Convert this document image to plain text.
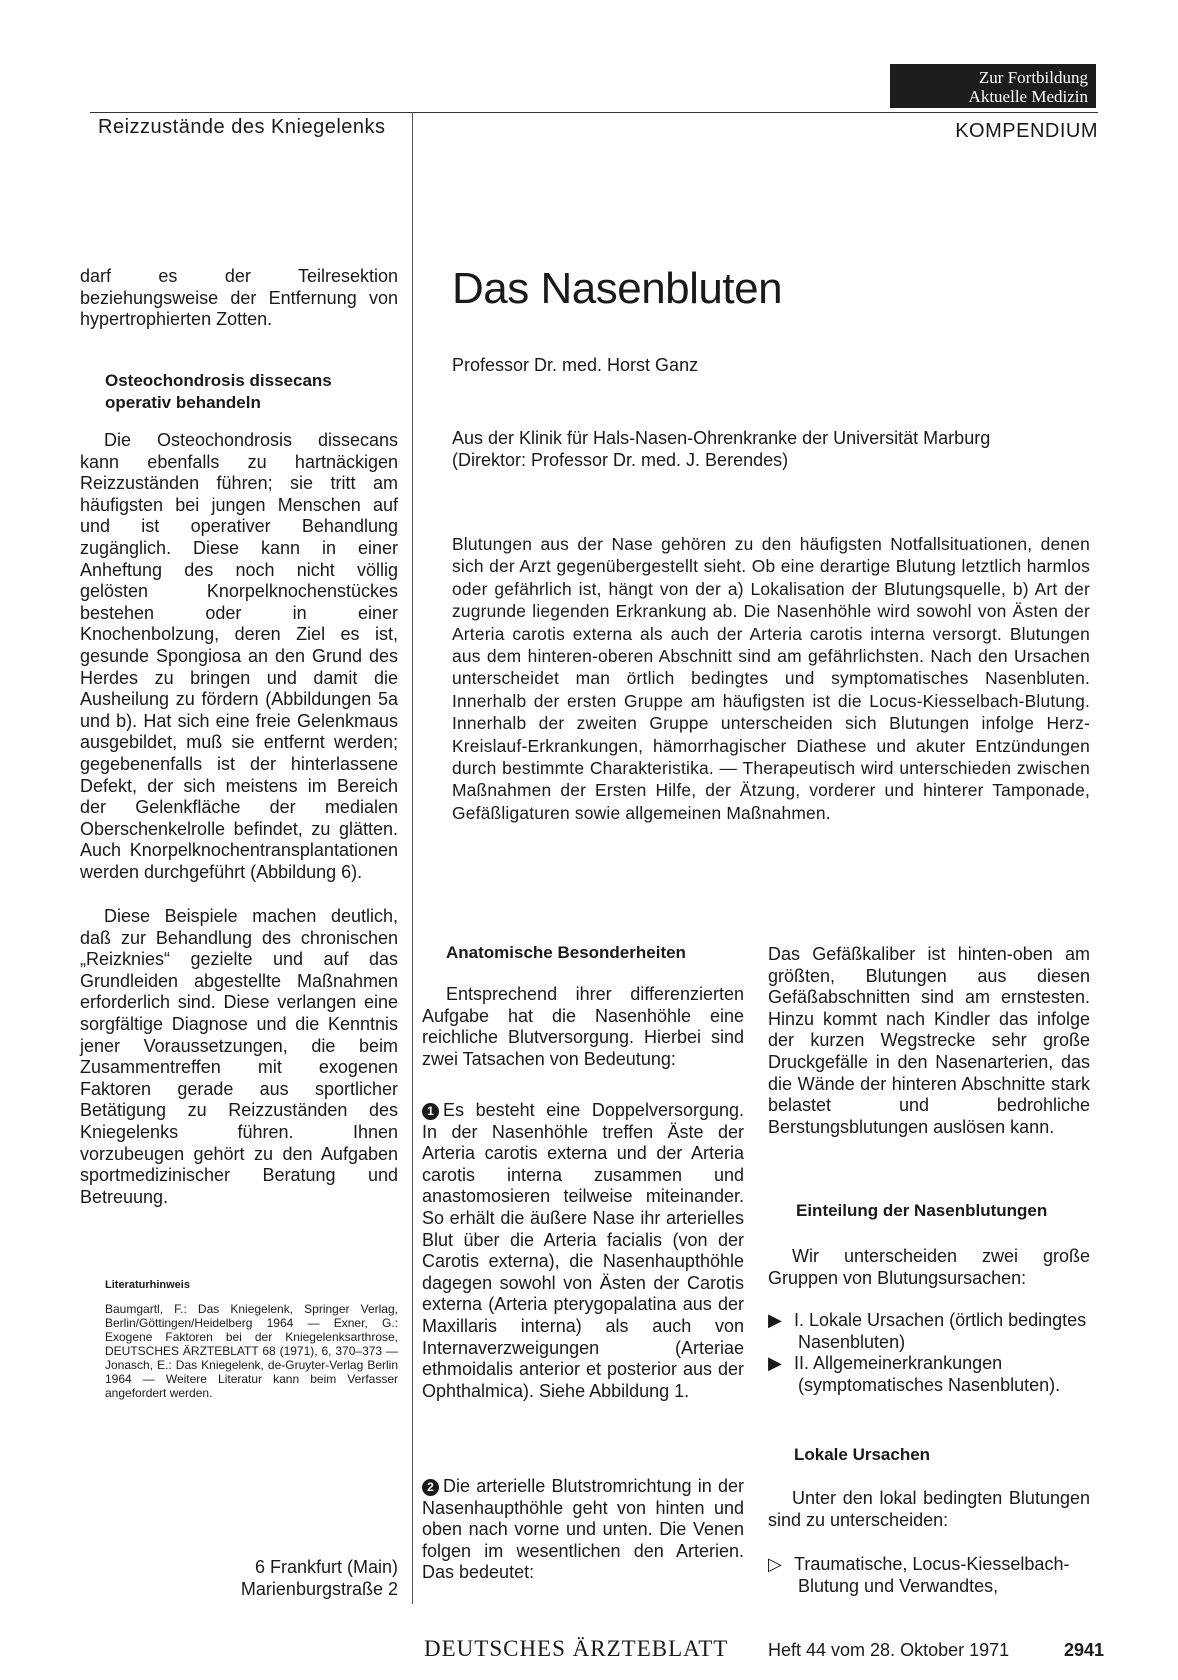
Zur Fortbildung
Aktuelle Medizin
Reizzustände des Kniegelenks	KOMPENDIUM

darf es der Teilresektion beziehungsweise der Entfernung von hypertrophierten Zotten.

Osteochondrosis dissecans operativ behandeln

Die Osteochondrosis dissecans kann ebenfalls zu hartnäckigen Reizzuständen führen; sie tritt am häufigsten bei jungen Menschen auf und ist operativer Behandlung zugänglich. Diese kann in einer Anheftung des noch nicht völlig gelösten Knorpelknochenstückes bestehen oder in einer Knochenbolzung, deren Ziel es ist, gesunde Spongiosa an den Grund des Herdes zu bringen und damit die Ausheilung zu fördern (Abbildungen 5a und b). Hat sich eine freie Gelenkmaus ausgebildet, muß sie entfernt werden; gegebenenfalls ist der hinterlassene Defekt, der sich meistens im Bereich der Gelenkfläche der medialen Oberschenkelrolle befindet, zu glätten. Auch Knorpelknochentransplantationen werden durchgeführt (Abbildung 6).

Diese Beispiele machen deutlich, daß zur Behandlung des chronischen „Reizknies“ gezielte und auf das Grundleiden abgestellte Maßnahmen erforderlich sind. Diese verlangen eine sorgfältige Diagnose und die Kenntnis jener Voraussetzungen, die beim Zusammentreffen mit exogenen Faktoren gerade aus sportlicher Betätigung zu Reizzuständen des Kniegelenks führen. Ihnen vorzubeugen gehört zu den Aufgaben sportmedizinischer Beratung und Betreuung.

Literaturhinweis
Baumgartl, F.: Das Kniegelenk, Springer Verlag, Berlin/Göttingen/Heidelberg 1964 — Exner, G.: Exogene Faktoren bei der Kniegelenksarthrose, DEUTSCHES ÄRZTEBLATT 68 (1971), 6, 370–373 — Jonasch, E.: Das Kniegelenk, de-Gruyter-Verlag Berlin 1964 — Weitere Literatur kann beim Verfasser angefordert werden.
6 Frankfurt (Main)
Marienburgstraße 2
Das Nasenbluten
Professor Dr. med. Horst Ganz
Aus der Klinik für Hals-Nasen-Ohrenkranke der Universität Marburg
(Direktor: Professor Dr. med. J. Berendes)
Blutungen aus der Nase gehören zu den häufigsten Notfallsituationen, denen sich der Arzt gegenübergestellt sieht. Ob eine derartige Blutung letztlich harmlos oder gefährlich ist, hängt von der a) Lokalisation der Blutungsquelle, b) Art der zugrunde liegenden Erkrankung ab. Die Nasenhöhle wird sowohl von Ästen der Arteria carotis externa als auch der Arteria carotis interna versorgt. Blutungen aus dem hinteren-oberen Abschnitt sind am gefährlichsten. Nach den Ursachen unterscheidet man örtlich bedingtes und symptomatisches Nasenbluten. Innerhalb der ersten Gruppe am häufigsten ist die Locus-Kiesselbach-Blutung. Innerhalb der zweiten Gruppe unterscheiden sich Blutungen infolge Herz-Kreislauf-Erkrankungen, hämorrhagischer Diathese und akuter Entzündungen durch bestimmte Charakteristika. — Therapeutisch wird unterschieden zwischen Maßnahmen der Ersten Hilfe, der Ätzung, vorderer und hinterer Tamponade, Gefäßligaturen sowie allgemeinen Maßnahmen.
Anatomische Besonderheiten

Entsprechend ihrer differenzierten Aufgabe hat die Nasenhöhle eine reichliche Blutversorgung. Hierbei sind zwei Tatsachen von Bedeutung:

1 Es besteht eine Doppelversorgung. In der Nasenhöhle treffen Äste der Arteria carotis externa und der Arteria carotis interna zusammen und anastomosieren teilweise miteinander. So erhält die äußere Nase ihr arterielles Blut über die Arteria facialis (von der Carotis externa), die Nasenhaupthöhle dagegen sowohl von Ästen der Carotis externa (Arteria pterygopalatina aus der Maxillaris interna) als auch von Internaverzweigungen (Arteriae ethmoidalis anterior et posterior aus der Ophthalmica). Siehe Abbildung 1.

2 Die arterielle Blutstromrichtung in der Nasenhaupthöhle geht von hinten und oben nach vorne und unten. Die Venen folgen im wesentlichen den Arterien. Das bedeutet:

Das Gefäßkaliber ist hinten-oben am größten, Blutungen aus diesen Gefäßabschnitten sind am ernstesten. Hinzu kommt nach Kindler das infolge der kurzen Wegstrecke sehr große Druckgefälle in den Nasenarterien, das die Wände der hinteren Abschnitte stark belastet und bedrohliche Berstungsblutungen auslösen kann.

Einteilung der Nasenblutungen

Wir unterscheiden zwei große Gruppen von Blutungsursachen:

▶ I. Lokale Ursachen (örtlich bedingtes Nasenbluten)

▶ II. Allgemeinerkrankungen (symptomatisches Nasenbluten).

Lokale Ursachen

Unter den lokal bedingten Blutungen sind zu unterscheiden:

▷ Traumatische, Locus-Kiesselbach-Blutung und Verwandtes,

DEUTSCHES ÄRZTEBLATT Heft 44 vom 28. Oktober 1971	2941
